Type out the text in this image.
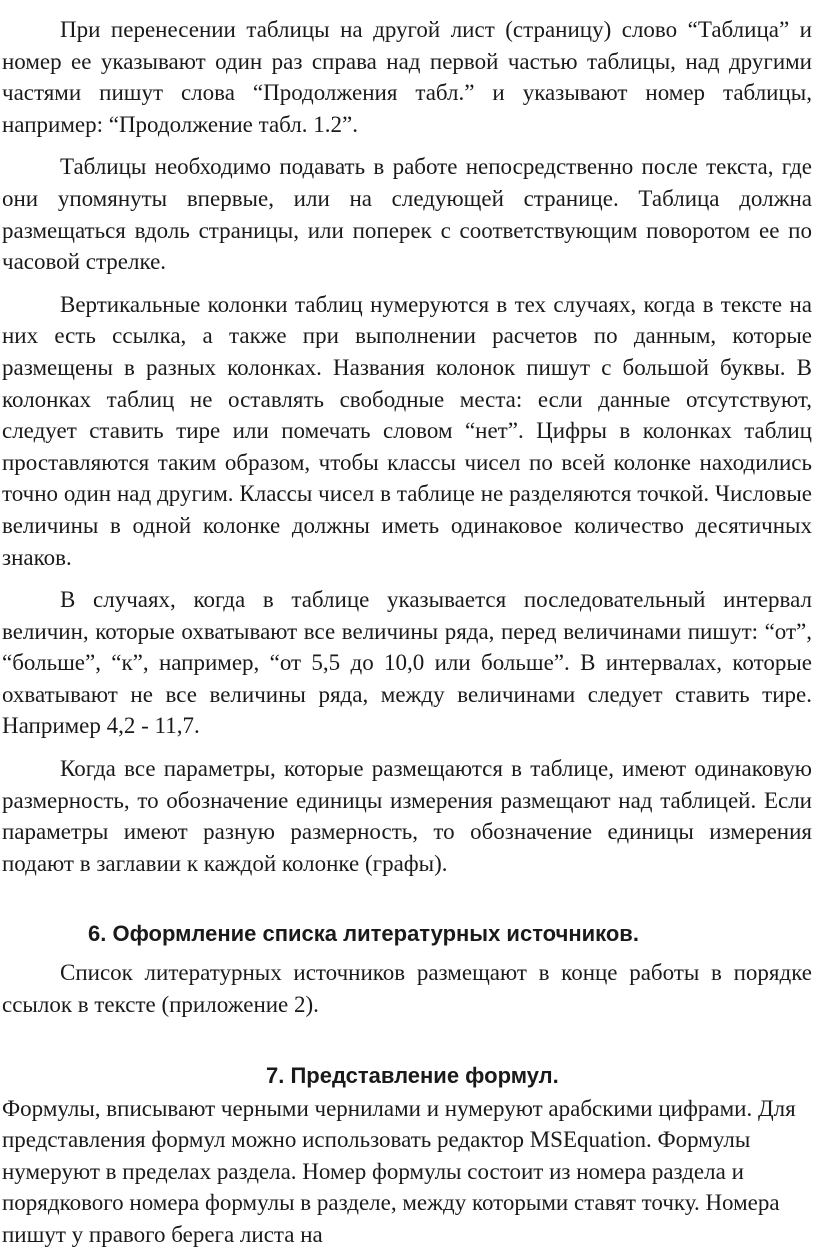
При перенесении таблицы на другой лист (страницу) слово “Таблица” и номер ее указывают один раз справа над первой частью таблицы, над другими частями пишут слова “Продолжения табл.” и указывают номер таблицы, например: “Продолжение табл. 1.2”.

Таблицы необходимо подавать в работе непосредственно после текста, где они упомянуты впервые, или на следующей странице. Таблица должна размещаться вдоль страницы, или поперек с соответствующим поворотом ее по часовой стрелке.

Вертикальные колонки таблиц нумеруются в тех случаях, когда в тексте на них есть ссылка, а также при выполнении расчетов по данным, которые размещены в разных колонках. Названия колонок пишут с большой буквы. В колонках таблиц не оставлять свободные места: если данные отсутствуют, следует ставить тире или помечать словом “нет”. Цифры в колонках таблиц проставляются таким образом, чтобы классы чисел по всей колонке находились точно один над другим. Классы чисел в таблице не разделяются точкой. Числовые величины в одной колонке должны иметь одинаковое количество десятичных знаков.

В случаях, когда в таблице указывается последовательный интервал величин, которые охватывают все величины ряда, перед величинами пишут: “от”, “больше”, “к”, например, “от 5,5 до 10,0 или больше”. В интервалах, которые охватывают не все величины ряда, между величинами следует ставить тире. Например 4,2 - 11,7.

Когда все параметры, которые размещаются в таблице, имеют одинаковую размерность, то обозначение единицы измерения размещают над таблицей. Если параметры имеют разную размерность, то обозначение единицы измерения подают в заглавии к каждой колонке (графы).

6. Оформление списка литературных источников.

Список литературных источников размещают в конце работы в порядке ссылок в тексте (приложение 2).

7. Представление формул.

Формулы, вписывают черными чернилами и нумеруют арабскими цифрами. Для представления формул можно использовать редактор MSEquation. Формулы нумеруют в пределах раздела. Номер формулы состоит из номера раздела и порядкового номера формулы в разделе, между которыми ставят точку. Номера пишут у правого берега листа на
